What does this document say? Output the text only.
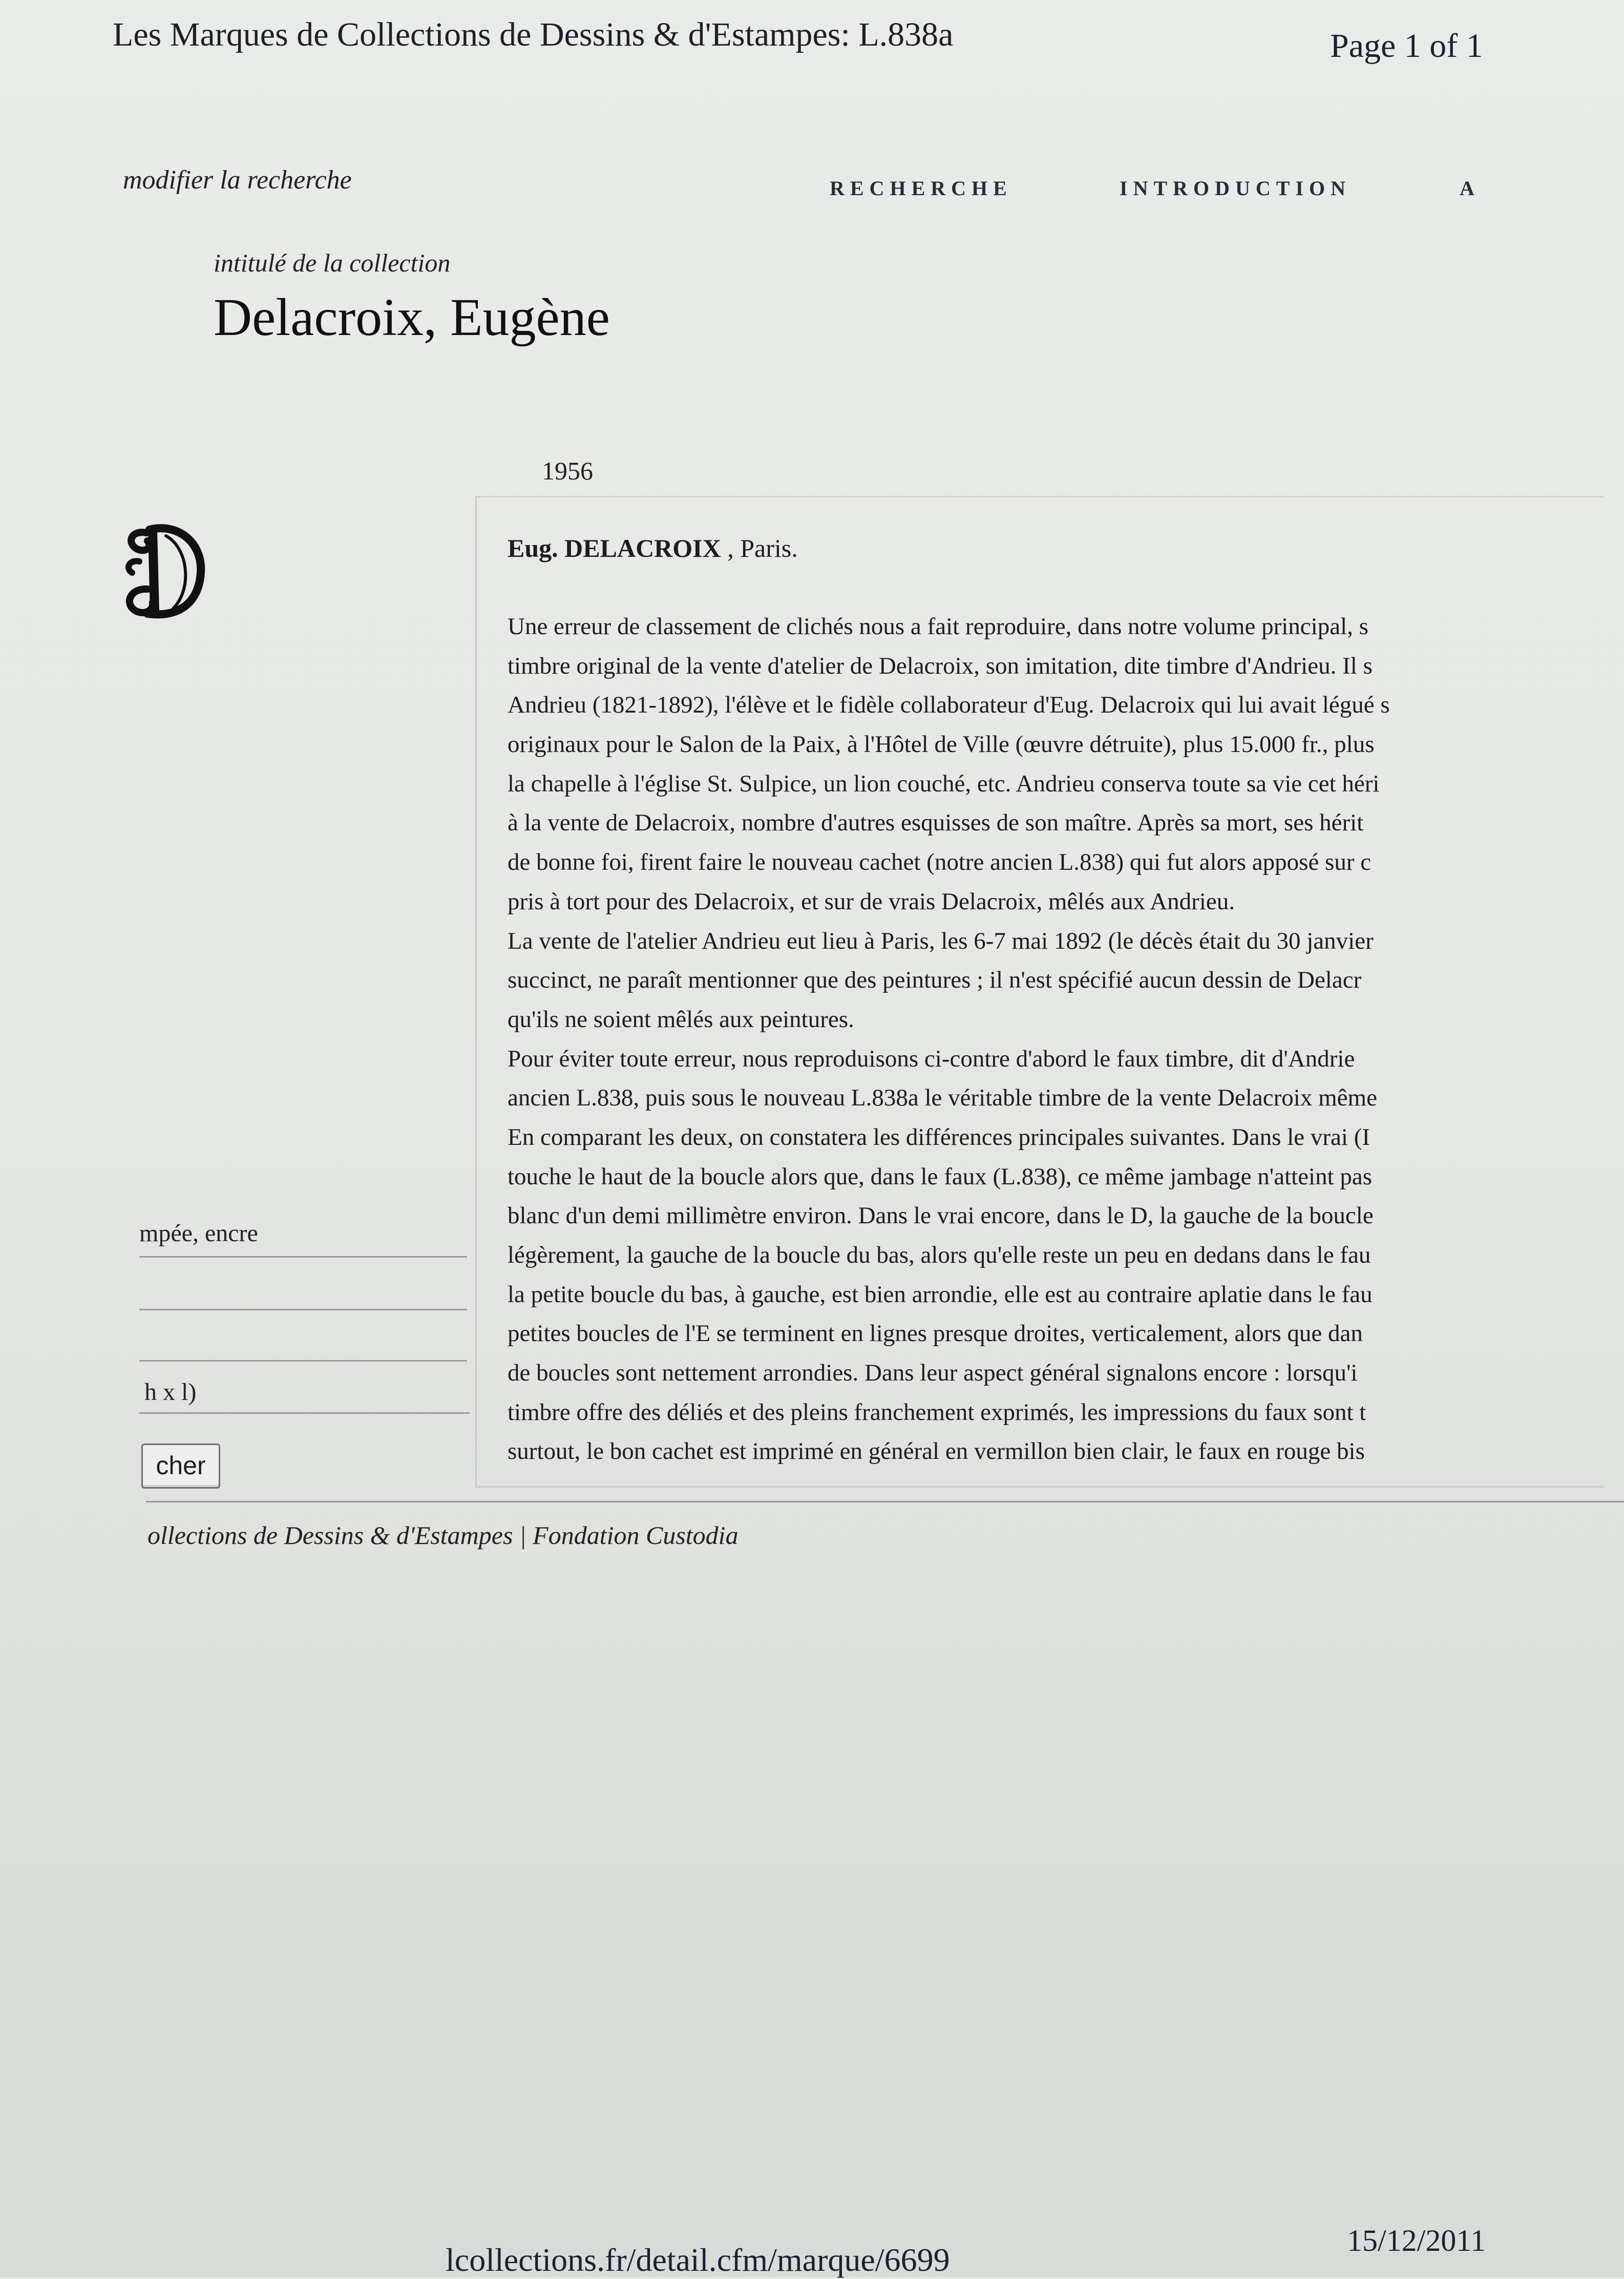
Les Marques de Collections de Dessins & d'Estampes: L.838a	Page 1 of 1
modifier la recherche	RECHERCHE	INTRODUCTION	A
intitulé de la collection
Delacroix, Eugène
1956
Eug. DELACROIX , Paris.
Une erreur de classement de clichés nous a fait reproduire, dans notre volume principal, s
timbre original de la vente d'atelier de Delacroix, son imitation, dite timbre d'Andrieu. Il s
Andrieu (1821-1892), l'élève et le fidèle collaborateur d'Eug. Delacroix qui lui avait légué s
originaux pour le Salon de la Paix, à l'Hôtel de Ville (œuvre détruite), plus 15.000 fr., plus
la chapelle à l'église St. Sulpice, un lion couché, etc. Andrieu conserva toute sa vie cet héri
à la vente de Delacroix, nombre d'autres esquisses de son maître. Après sa mort, ses hérit
de bonne foi, firent faire le nouveau cachet (notre ancien L.838) qui fut alors apposé sur c
pris à tort pour des Delacroix, et sur de vrais Delacroix, mêlés aux Andrieu.
La vente de l'atelier Andrieu eut lieu à Paris, les 6-7 mai 1892 (le décès était du 30 janvier
succinct, ne paraît mentionner que des peintures ; il n'est spécifié aucun dessin de Delacr
qu'ils ne soient mêlés aux peintures.
Pour éviter toute erreur, nous reproduisons ci-contre d'abord le faux timbre, dit d'Andrie
ancien L.838, puis sous le nouveau L.838a le véritable timbre de la vente Delacroix même
En comparant les deux, on constatera les différences principales suivantes. Dans le vrai (I
touche le haut de la boucle alors que, dans le faux (L.838), ce même jambage n'atteint pas
blanc d'un demi millimètre environ. Dans le vrai encore, dans le D, la gauche de la boucle
légèrement, la gauche de la boucle du bas, alors qu'elle reste un peu en dedans dans le fau
la petite boucle du bas, à gauche, est bien arrondie, elle est au contraire aplatie dans le fau
petites boucles de l'E se terminent en lignes presque droites, verticalement, alors que dan
de boucles sont nettement arrondies. Dans leur aspect général signalons encore : lorsqu'i
timbre offre des déliés et des pleins franchement exprimés, les impressions du faux sont t
surtout, le bon cachet est imprimé en général en vermillon bien clair, le faux en rouge bis
mpée, encre
h x l)
cher
ollections de Dessins & d'Estampes | Fondation Custodia
15/12/2011
lcollections.fr/detail.cfm/marque/6699
